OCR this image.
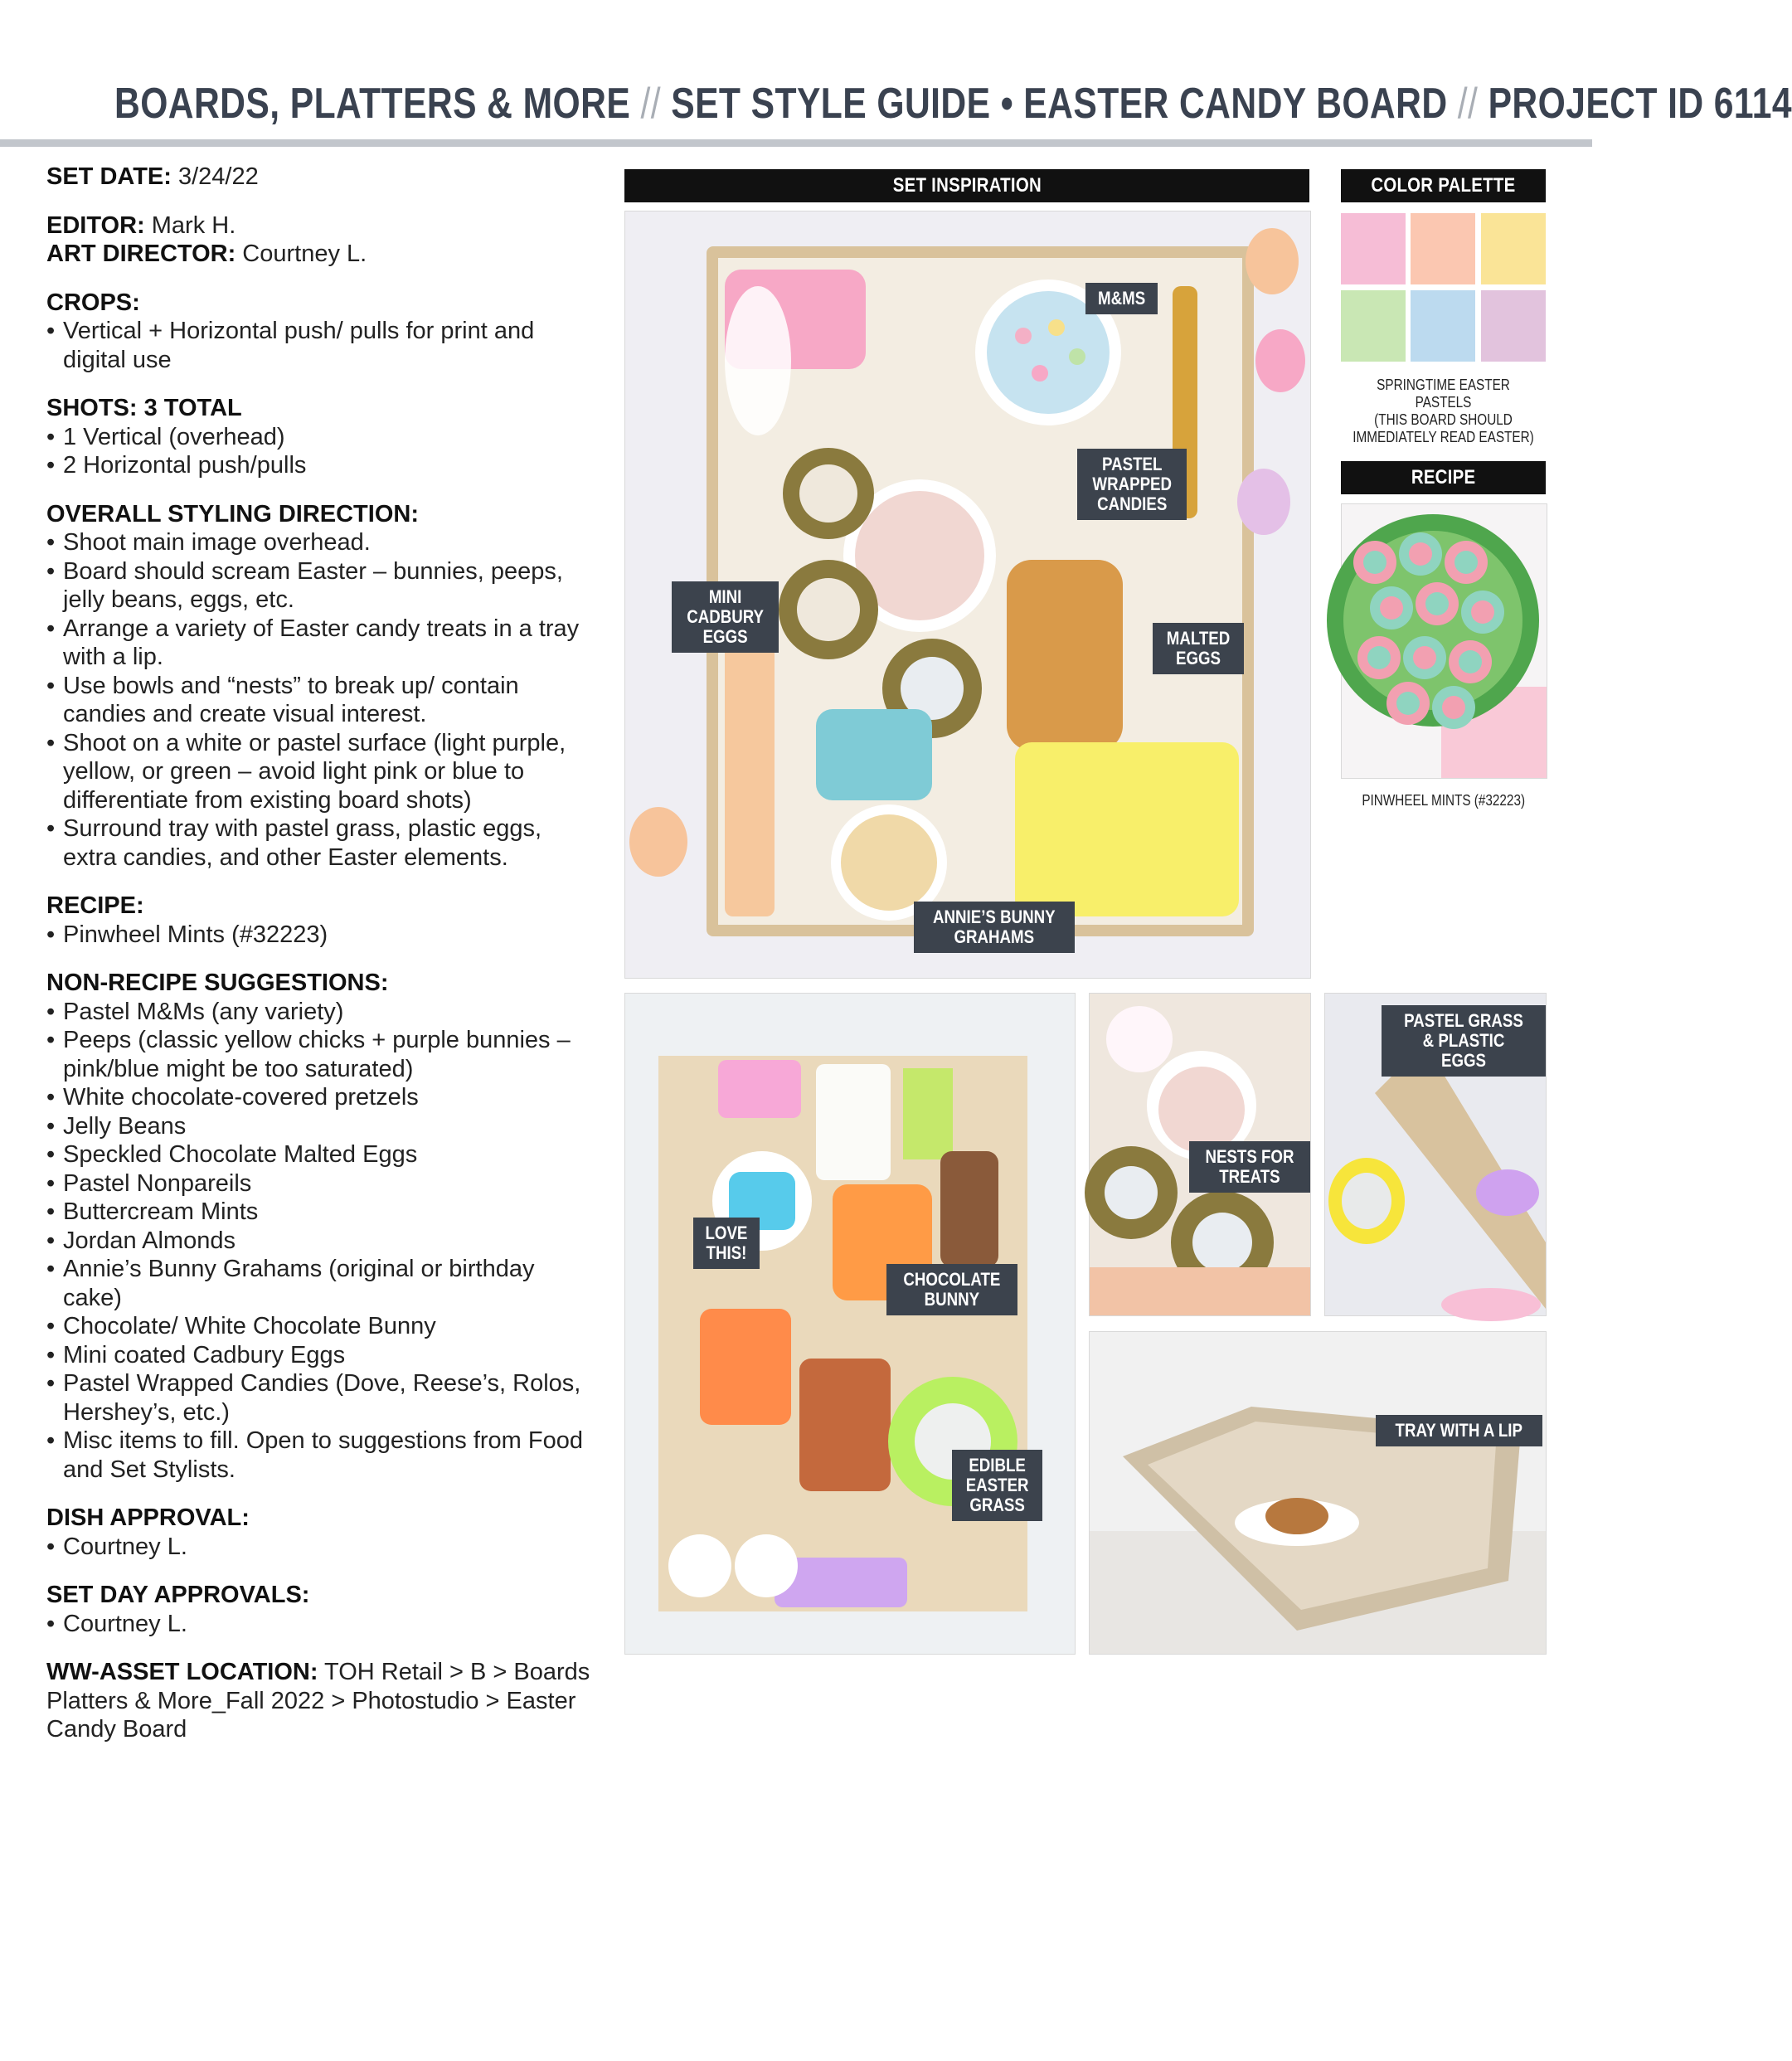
BOARDS, PLATTERS & MORE // SET STYLE GUIDE • EASTER CANDY BOARD // PROJECT ID 6114

SET DATE: 3/24/22

EDITOR: Mark H.

ART DIRECTOR: Courtney L.

CROPS:

• Vertical + Horizontal push/ pulls for print and digital use

SHOTS: 3 TOTAL

• 1 Vertical (overhead)

• 2 Horizontal push/pulls

OVERALL STYLING DIRECTION:

• Shoot main image overhead.

• Board should scream Easter – bunnies, peeps, jelly beans, eggs, etc.

• Arrange a variety of Easter candy treats in a tray with a lip.

• Use bowls and “nests” to break up/ contain candies and create visual interest.

• Shoot on a white or pastel surface (light purple, yellow, or green – avoid light pink or blue to differentiate from existing board shots)

• Surround tray with pastel grass, plastic eggs, extra candies, and other Easter elements.

RECIPE:

• Pinwheel Mints (#32223)

NON-RECIPE SUGGESTIONS:

• Pastel M&Ms (any variety)

• Peeps (classic yellow chicks + purple bunnies – pink/blue might be too saturated)

• White chocolate-covered pretzels

• Jelly Beans

• Speckled Chocolate Malted Eggs

• Pastel Nonpareils

• Buttercream Mints

• Jordan Almonds

• Annie’s Bunny Grahams (original or birthday cake)

• Chocolate/ White Chocolate Bunny

• Mini coated Cadbury Eggs

• Pastel Wrapped Candies (Dove, Reese’s, Rolos, Hershey’s, etc.)

• Misc items to fill. Open to suggestions from Food and Set Stylists.

DISH APPROVAL:

• Courtney L.

SET DAY APPROVALS:

• Courtney L.

WW-ASSET LOCATION: TOH Retail > B > Boards Platters & More_Fall 2022 > Photostudio > Easter Candy Board

SET INSPIRATION
M&MS
PASTEL
WRAPPED
CANDIES
MINI
CADBURY
EGGS	MALTED
EGGS
ANNIE’S BUNNY
GRAHAMS
LOVE
THIS!
CHOCOLATE
BUNNY
EDIBLE
EASTER
GRASS
NESTS FOR
TREATS
PASTEL GRASS
& PLASTIC EGGS
TRAY WITH A LIP
COLOR PALETTE
SPRINGTIME EASTER PASTELS
(THIS BOARD SHOULD
IMMEDIATELY READ EASTER)
RECIPE
PINWHEEL MINTS (#32223)
